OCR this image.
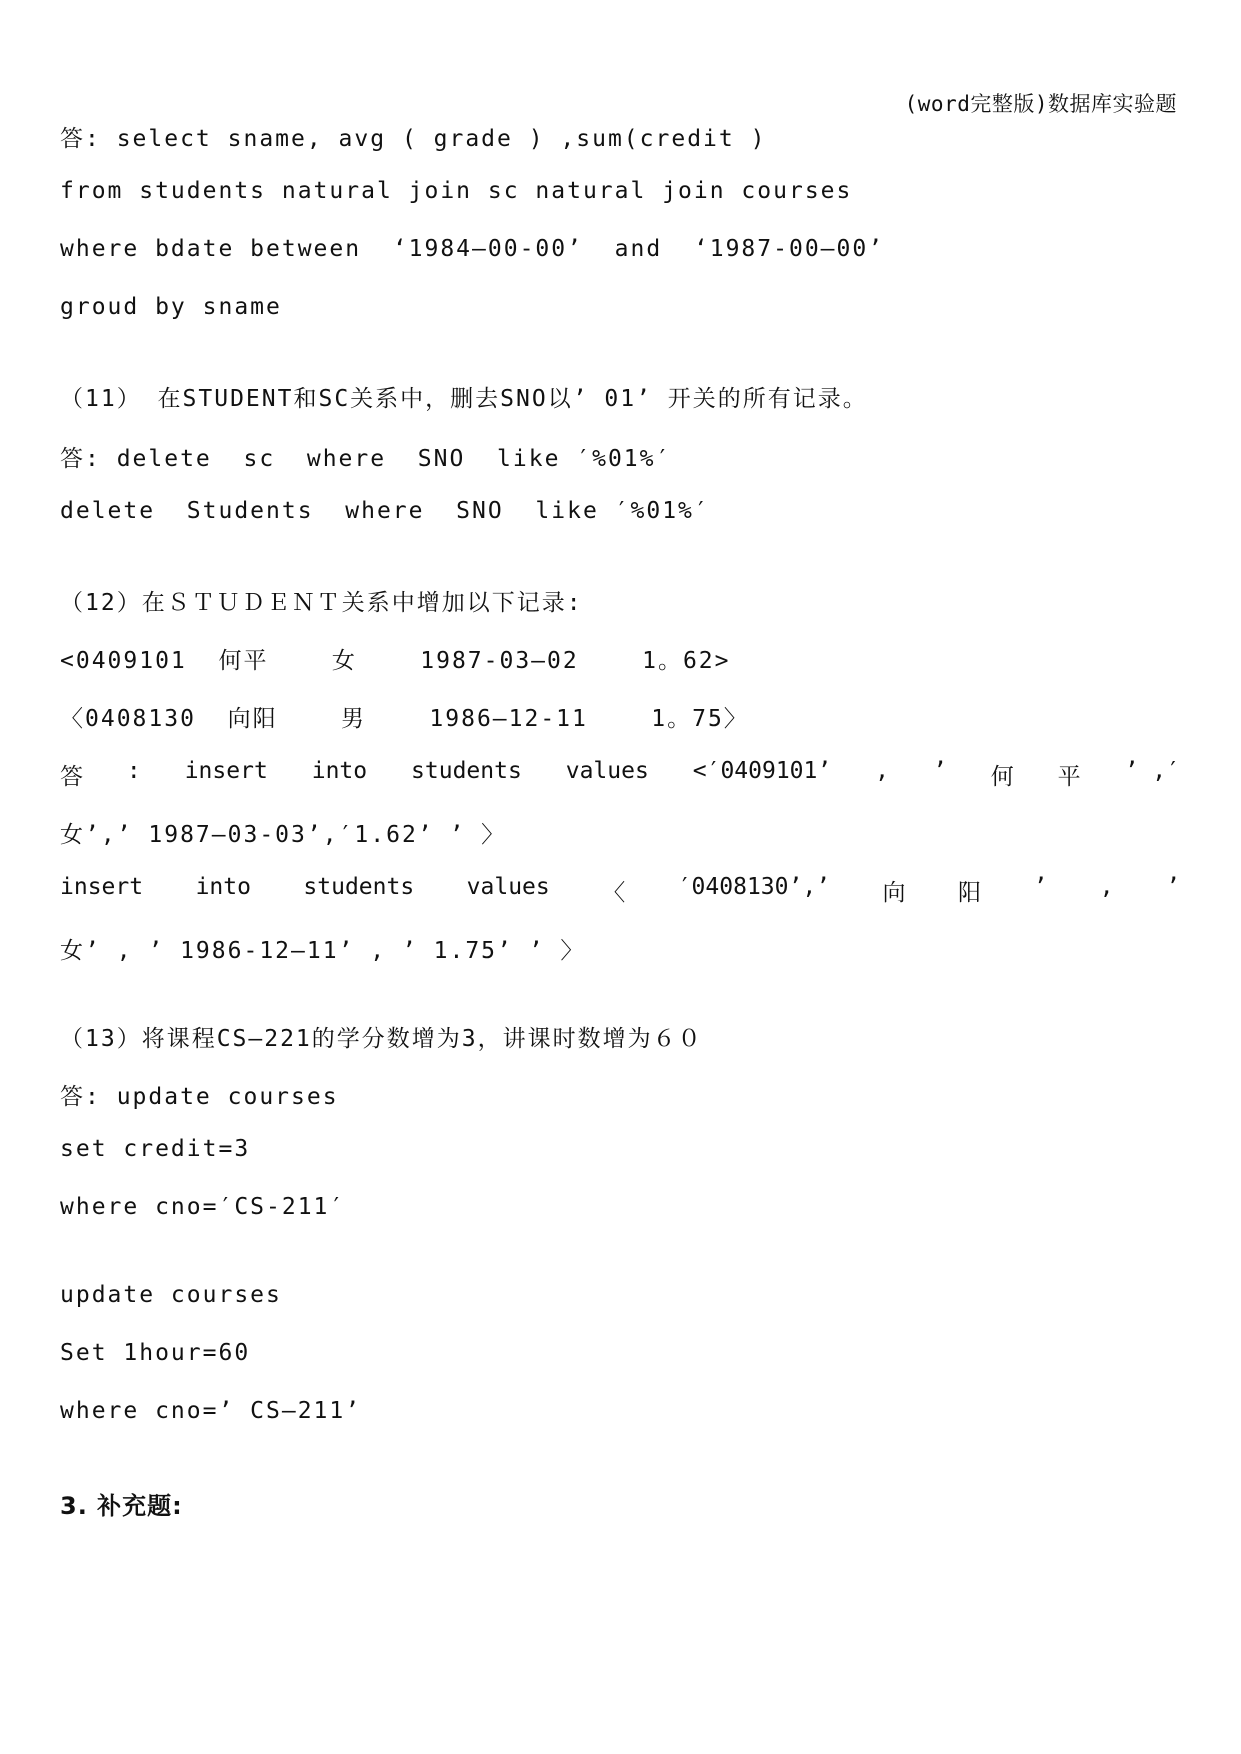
(word完整版)数据库实验题
答: select sname, avg ( grade ) ,sum(credit )
from students natural join sc natural join courses
where bdate between  ‘1984—00-00’  and  ‘1987-00—00’
groud by sname
（11） 在STUDENT和SC关系中，删去SNO以’ 01’ 开关的所有记录。
答: delete  sc  where  SNO  like ′%01%′
delete  Students  where  SNO  like ′%01%′
（12）在ＳＴＵＤＥＮＴ关系中增加以下记录:
<0409101  何平    女    1987-03—02    1。62>
〈0408130  向阳    男    1986—12-11    1。75〉
答 : insert into students values <′0409101’ , ’ 何 平 ’ ,′
女’,’ 1987—03-03’,′1.62’ ’ 〉
insert into students values 〈 ′0408130’,’ 向 阳 ’ , ’
女’ , ’ 1986-12—11’ , ’ 1.75’ ’ 〉
（13）将课程CS—221的学分数增为3，讲课时数增为６０
答: update courses
set credit=3
where cno=′CS-211′
update courses
Set 1hour=60
where cno=’ CS—211’
3. 补充题:
